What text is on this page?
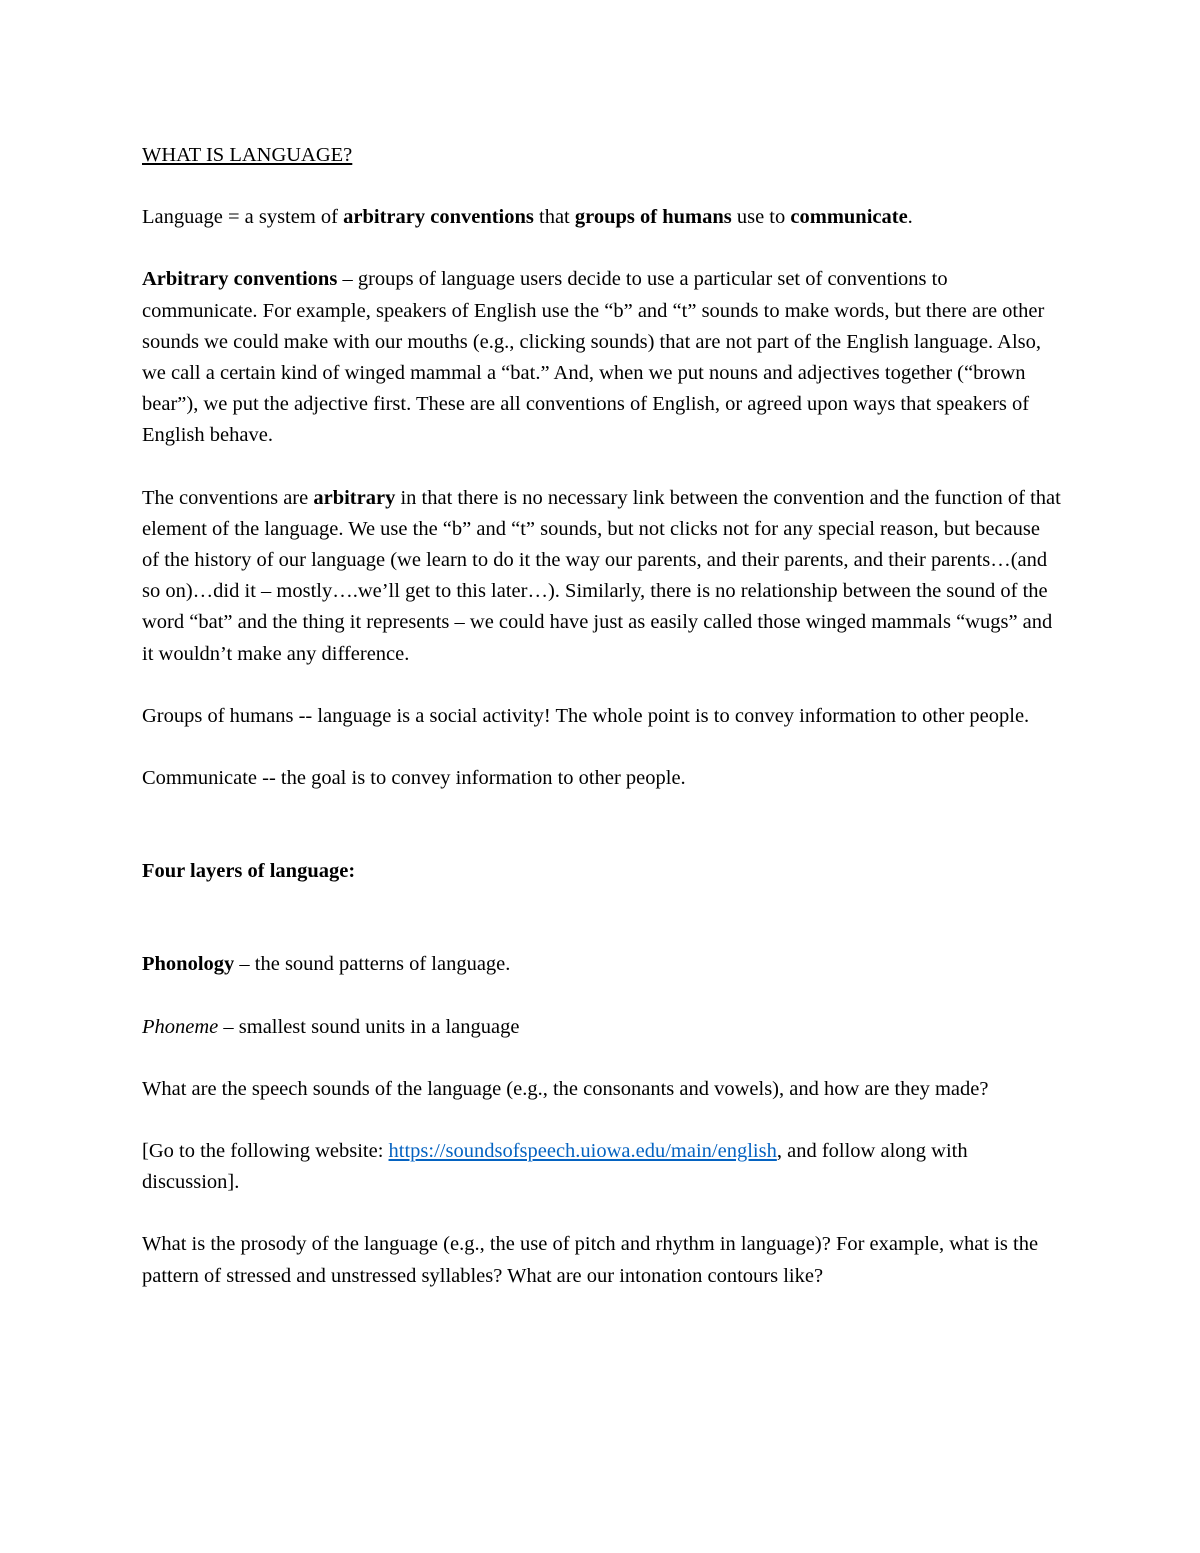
WHAT IS LANGUAGE?

Language = a system of arbitrary conventions that groups of humans use to communicate.

Arbitrary conventions – groups of language users decide to use a particular set of conventions to communicate. For example, speakers of English use the “b” and “t” sounds to make words, but there are other sounds we could make with our mouths (e.g., clicking sounds) that are not part of the English language. Also, we call a certain kind of winged mammal a “bat.” And, when we put nouns and adjectives together (“brown bear”), we put the adjective first. These are all conventions of English, or agreed upon ways that speakers of English behave.

The conventions are arbitrary in that there is no necessary link between the convention and the function of that element of the language. We use the “b” and “t” sounds, but not clicks not for any special reason, but because of the history of our language (we learn to do it the way our parents, and their parents, and their parents…(and so on)…did it – mostly….we’ll get to this later…). Similarly, there is no relationship between the sound of the word “bat” and the thing it represents – we could have just as easily called those winged mammals “wugs” and it wouldn’t make any difference.

Groups of humans -- language is a social activity! The whole point is to convey information to other people.

Communicate -- the goal is to convey information to other people.

Four layers of language:

Phonology – the sound patterns of language.

Phoneme – smallest sound units in a language

What are the speech sounds of the language (e.g., the consonants and vowels), and how are they made?

[Go to the following website: https://soundsofspeech.uiowa.edu/main/english, and follow along with discussion].

What is the prosody of the language (e.g., the use of pitch and rhythm in language)? For example, what is the pattern of stressed and unstressed syllables? What are our intonation contours like?
